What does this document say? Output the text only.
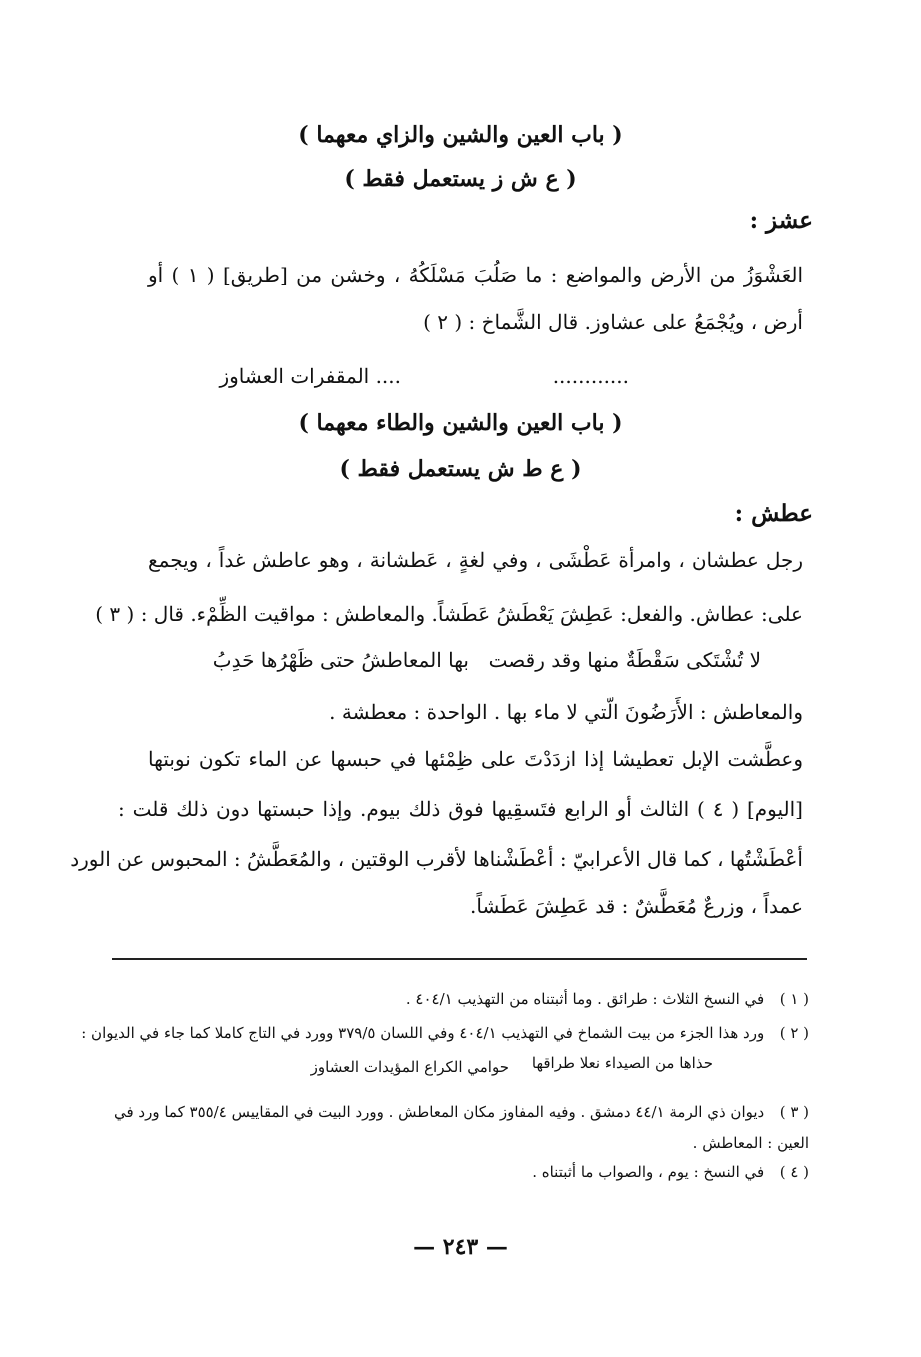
( باب العين والشين والزاي معهما )
( ع ش ز يستعمل فقط )
عشز :
العَشْوَزُ من الأرض والمواضع : ما صَلُبَ مَسْلَكُهُ ، وخشن من [طريق] ( ١ ) أو
أرض ، ويُجْمَعُ على عشاوز. قال الشَّماخ : ( ٢ )
............
.... المقفرات العشاوز
( باب العين والشين والطاء معهما )
( ع ط ش يستعمل فقط )
عطش :
رجل عطشان ، وامرأة عَطْشَى ، وفي لغةٍ ، عَطشانة ، وهو عاطش غداً ، ويجمع
على: عطاش. والفعل: عَطِشَ يَعْطَشُ عَطَشاً. والمعاطش : مواقيت الظِّمْء. قال : ( ٣ )
لا تُشْتَكى سَقْطَةٌ منها وقد رقصت
بها المعاطشُ حتى ظَهْرُها حَدِبُ
والمعاطش : الأَرَضُونَ الّتي لا ماء بها . الواحدة : معطشة .
وعطَّشت الإبل تعطيشا إذا ازدَدْتَ على ظِمْئها في حبسها عن الماء تكون نوبتها
[اليوم] ( ٤ ) الثالث أو الرابع فتَسقِيها فوق ذلك بيوم. وإذا حبستها دون ذلك قلت :
أعْطَشْتُها ، كما قال الأعرابيّ : أعْطَشْناها لأقرب الوقتين ، والمُعَطَّشُ : المحبوس عن الورد
عمداً ، وزرعٌ مُعَطَّشٌ : قد عَطِشَ عَطَشاً.
( ١ ) في النسخ الثلاث : طرائق . وما أثبتناه من التهذيب ٤٠٤/١ .
( ٢ ) ورد هذا الجزء من بيت الشماخ في التهذيب ٤٠٤/١ وفي اللسان ٣٧٩/٥ وورد في التاج كاملا كما جاء في الديوان :
حذاها من الصيداء نعلا طراقها
حوامي الكراع المؤيدات العشاوز
( ٣ ) ديوان ذي الرمة ٤٤/١ دمشق . وفيه المفاوز مكان المعاطش . وورد البيت في المقاييس ٣٥٥/٤ كما ورد في
العين : المعاطش .
( ٤ ) في النسخ : يوم ، والصواب ما أثبتناه .
— ٢٤٣ —
